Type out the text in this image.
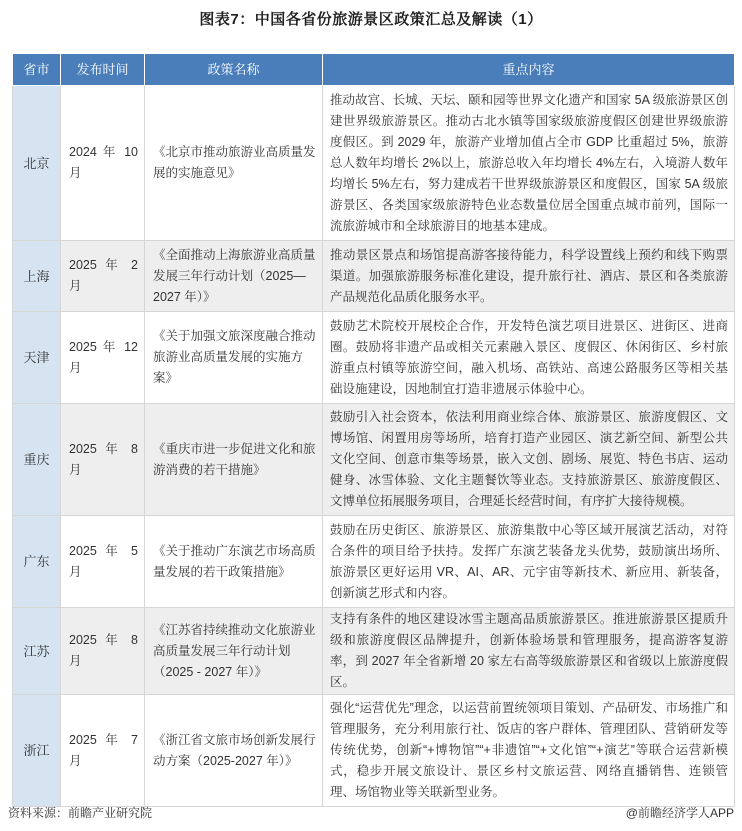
图表7：中国各省份旅游景区政策汇总及解读（1）
省市	发布时间	政策名称	重点内容
北京	2024 年 10 月	《北京市推动旅游业高质量发展的实施意见》	推动故宫、长城、天坛、颐和园等世界文化遗产和国家 5A 级旅游景区创建世界级旅游景区。推动古北水镇等国家级旅游度假区创建世界级旅游度假区。到 2029 年，旅游产业增加值占全市 GDP 比重超过 5%，旅游总人数年均增长 2%以上，旅游总收入年均增长 4%左右，入境游人数年均增长 5%左右，努力建成若干世界级旅游景区和度假区，国家 5A 级旅游景区、各类国家级旅游特色业态数量位居全国重点城市前列，国际一流旅游城市和全球旅游目的地基本建成。
上海	2025 年 2 月	《全面推动上海旅游业高质量发展三年行动计划（2025—2027 年）》	推动景区景点和场馆提高游客接待能力，科学设置线上预约和线下购票渠道。加强旅游服务标准化建设，提升旅行社、酒店、景区和各类旅游产品规范化品质化服务水平。
天津	2025 年 12 月	《关于加强文旅深度融合推动旅游业高质量发展的实施方案》	鼓励艺术院校开展校企合作，开发特色演艺项目进景区、进街区、进商圈。鼓励将非遗产品或相关元素融入景区、度假区、休闲街区、乡村旅游重点村镇等旅游空间，融入机场、高铁站、高速公路服务区等相关基础设施建设，因地制宜打造非遗展示体验中心。
重庆	2025 年 8 月	《重庆市进一步促进文化和旅游消费的若干措施》	鼓励引入社会资本，依法利用商业综合体、旅游景区、旅游度假区、文博场馆、闲置用房等场所，培育打造产业园区、演艺新空间、新型公共文化空间、创意市集等场景，嵌入文创、剧场、展览、特色书店、运动健身、冰雪体验、文化主题餐饮等业态。支持旅游景区、旅游度假区、文博单位拓展服务项目，合理延长经营时间，有序扩大接待规模。
广东	2025 年 5 月	《关于推动广东演艺市场高质量发展的若干政策措施》	鼓励在历史街区、旅游景区、旅游集散中心等区域开展演艺活动，对符合条件的项目给予扶持。发挥广东演艺装备龙头优势，鼓励演出场所、旅游景区更好运用 VR、AI、AR、元宇宙等新技术、新应用、新装备，创新演艺形式和内容。
江苏	2025 年 8 月	《江苏省持续推动文化旅游业高质量发展三年行动计划（2025 - 2027 年）》	支持有条件的地区建设冰雪主题高品质旅游景区。推进旅游景区提质升级和旅游度假区品牌提升，创新体验场景和管理服务，提高游客复游率，到 2027 年全省新增 20 家左右高等级旅游景区和省级以上旅游度假区。
浙江	2025 年 7 月	《浙江省文旅市场创新发展行动方案（2025-2027 年）》	强化“运营优先”理念，以运营前置统领项目策划、产品研发、市场推广和管理服务，充分利用旅行社、饭店的客户群体、管理团队、营销研发等传统优势，创新“+博物馆”“+非遗馆”“+文化馆”“+演艺”等联合运营新模式，稳步开展文旅设计、景区乡村文旅运营、网络直播销售、连锁管理、场馆物业等关联新型业务。
资料来源：前瞻产业研究院	@前瞻经济学人APP
